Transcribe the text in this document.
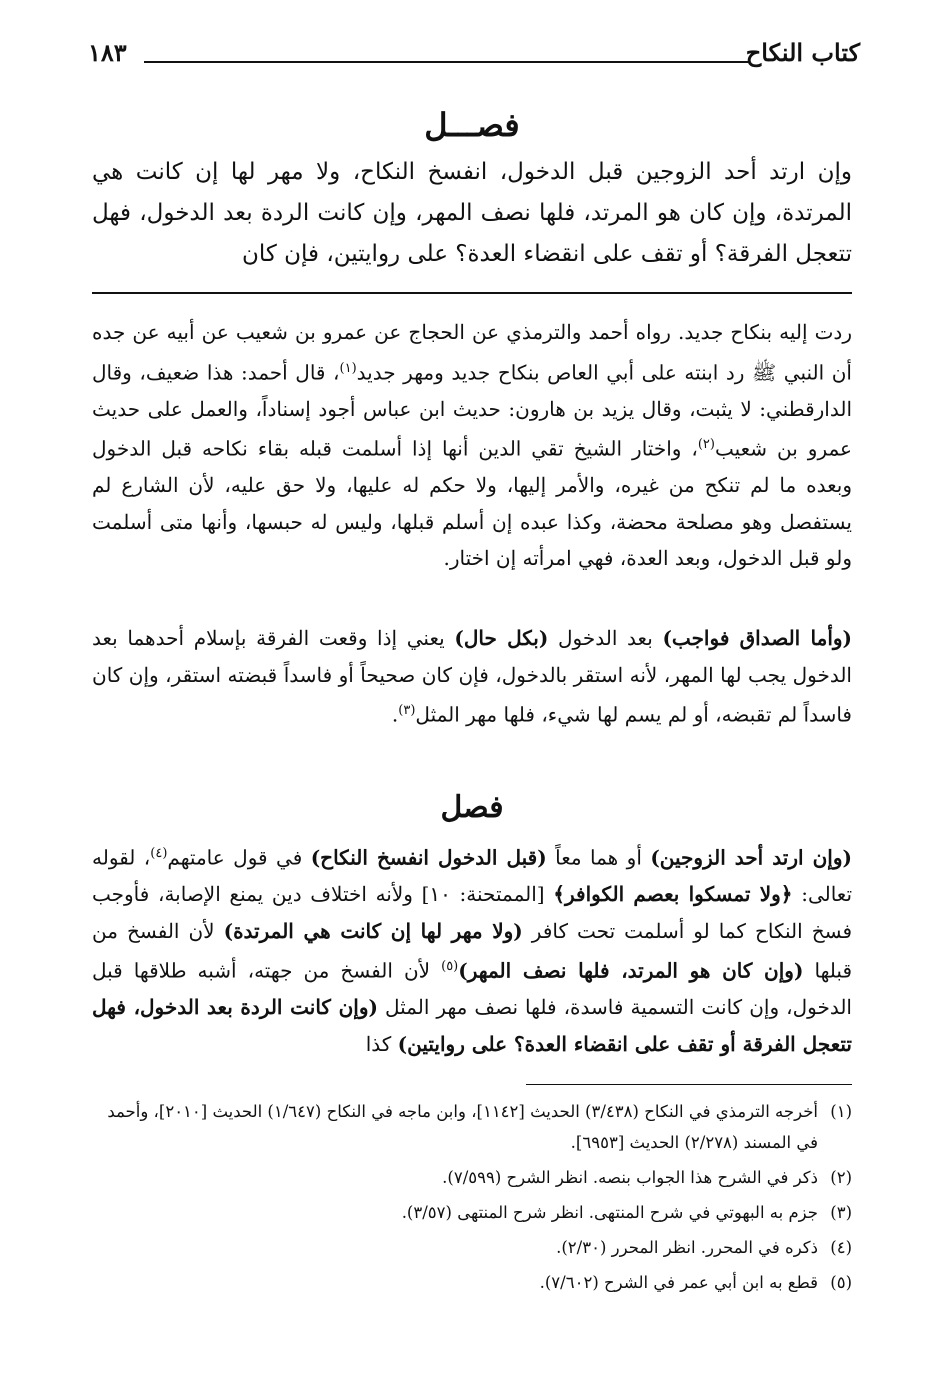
كتاب النكاح
١٨٣
فصـــل
وإن ارتد أحد الزوجين قبل الدخول، انفسخ النكاح، ولا مهر لها إن كانت هي المرتدة، وإن كان هو المرتد، فلها نصف المهر، وإن كانت الردة بعد الدخول، فهل تتعجل الفرقة؟ أو تقف على انقضاء العدة؟ على روايتين، فإن كان
ردت إليه بنكاح جديد. رواه أحمد والترمذي عن الحجاج عن عمرو بن شعيب عن أبيه عن جده أن النبي ﷺ رد ابنته على أبي العاص بنكاح جديد ومهر جديد$^{(١)}$، قال أحمد: هذا ضعيف، وقال الدارقطني: لا يثبت، وقال يزيد بن هارون: حديث ابن عباس أجود إسناداً، والعمل على حديث عمرو بن شعيب$^{(٢)}$، واختار الشيخ تقي الدين أنها إذا أسلمت قبله بقاء نكاحه قبل الدخول وبعده ما لم تنكح من غيره، والأمر إليها، ولا حكم له عليها، ولا حق عليه، لأن الشارع لم يستفصل وهو مصلحة محضة، وكذا عبده إن أسلم قبلها، وليس له حبسها، وأنها متى أسلمت ولو قبل الدخول، وبعد العدة، فهي امرأته إن اختار.
(وأما الصداق فواجب) بعد الدخول (بكل حال) يعني إذا وقعت الفرقة بإسلام أحدهما بعد الدخول يجب لها المهر، لأنه استقر بالدخول، فإن كان صحيحاً أو فاسداً قبضته استقر، وإن كان فاسداً لم تقبضه، أو لم يسم لها شيء، فلها مهر المثل$^{(٣)}$.
فصل
(وإن ارتد أحد الزوجين) أو هما معاً (قبل الدخول انفسخ النكاح) في قول عامتهم$^{(٤)}$، لقوله تعالى: ﴿ولا تمسكوا بعصم الكوافر﴾ [الممتحنة: ١٠] ولأنه اختلاف دين يمنع الإصابة، فأوجب فسخ النكاح كما لو أسلمت تحت كافر (ولا مهر لها إن كانت هي المرتدة) لأن الفسخ من قبلها (وإن كان هو المرتد، فلها نصف المهر)$^{(٥)}$ لأن الفسخ من جهته، أشبه طلاقها قبل الدخول، وإن كانت التسمية فاسدة، فلها نصف مهر المثل (وإن كانت الردة بعد الدخول، فهل تتعجل الفرقة أو تقف على انقضاء العدة؟ على روايتين) كذا
(١)
أخرجه الترمذي في النكاح (٣/٤٣٨) الحديث [١١٤٢]، وابن ماجه في النكاح (١/٦٤٧) الحديث [٢٠١٠]، وأحمد في المسند (٢/٢٧٨) الحديث [٦٩٥٣].
(٢)
ذكر في الشرح هذا الجواب بنصه. انظر الشرح (٧/٥٩٩).
(٣)
جزم به البهوتي في شرح المنتهى. انظر شرح المنتهى (٣/٥٧).
(٤)
ذكره في المحرر. انظر المحرر (٢/٣٠).
(٥)
قطع به ابن أبي عمر في الشرح (٧/٦٠٢).
